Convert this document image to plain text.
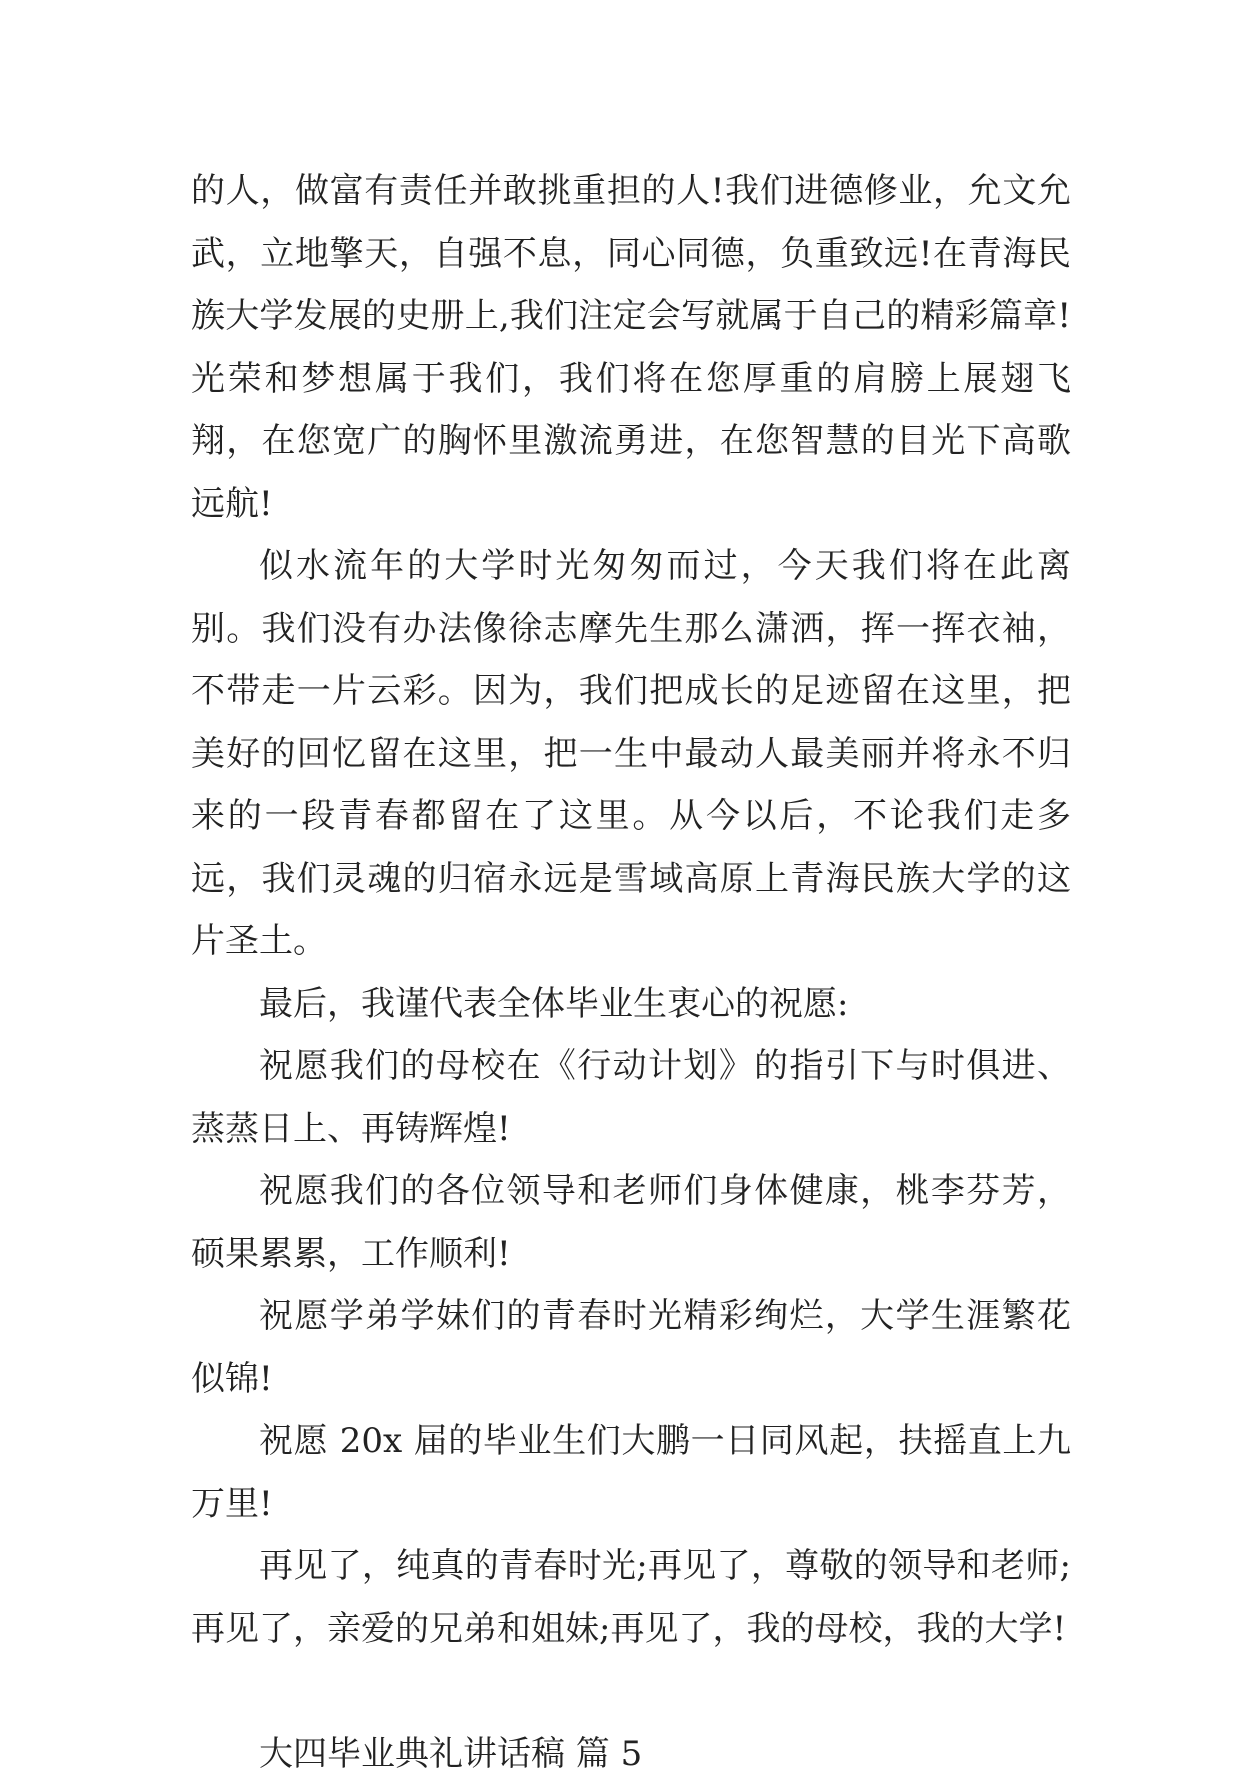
的人，做富有责任并敢挑重担的人!我们进德修业，允文允武，立地擎天，自强不息，同心同德，负重致远!在青海民族大学发展的史册上,我们注定会写就属于自己的精彩篇章!光荣和梦想属于我们，我们将在您厚重的肩膀上展翅飞翔，在您宽广的胸怀里激流勇进，在您智慧的目光下高歌远航!

似水流年的大学时光匆匆而过，今天我们将在此离别。我们没有办法像徐志摩先生那么潇洒，挥一挥衣袖，不带走一片云彩。因为，我们把成长的足迹留在这里，把美好的回忆留在这里，把一生中最动人最美丽并将永不归来的一段青春都留在了这里。从今以后，不论我们走多远，我们灵魂的归宿永远是雪域高原上青海民族大学的这片圣土。

最后，我谨代表全体毕业生衷心的祝愿:

祝愿我们的母校在《行动计划》的指引下与时俱进、蒸蒸日上、再铸辉煌!

祝愿我们的各位领导和老师们身体健康，桃李芬芳，硕果累累，工作顺利!

祝愿学弟学妹们的青春时光精彩绚烂，大学生涯繁花似锦!

祝愿 20x 届的毕业生们大鹏一日同风起，扶摇直上九万里!

再见了，纯真的青春时光;再见了，尊敬的领导和老师;再见了，亲爱的兄弟和姐妹;再见了，我的母校，我的大学!

大四毕业典礼讲话稿 篇 5
